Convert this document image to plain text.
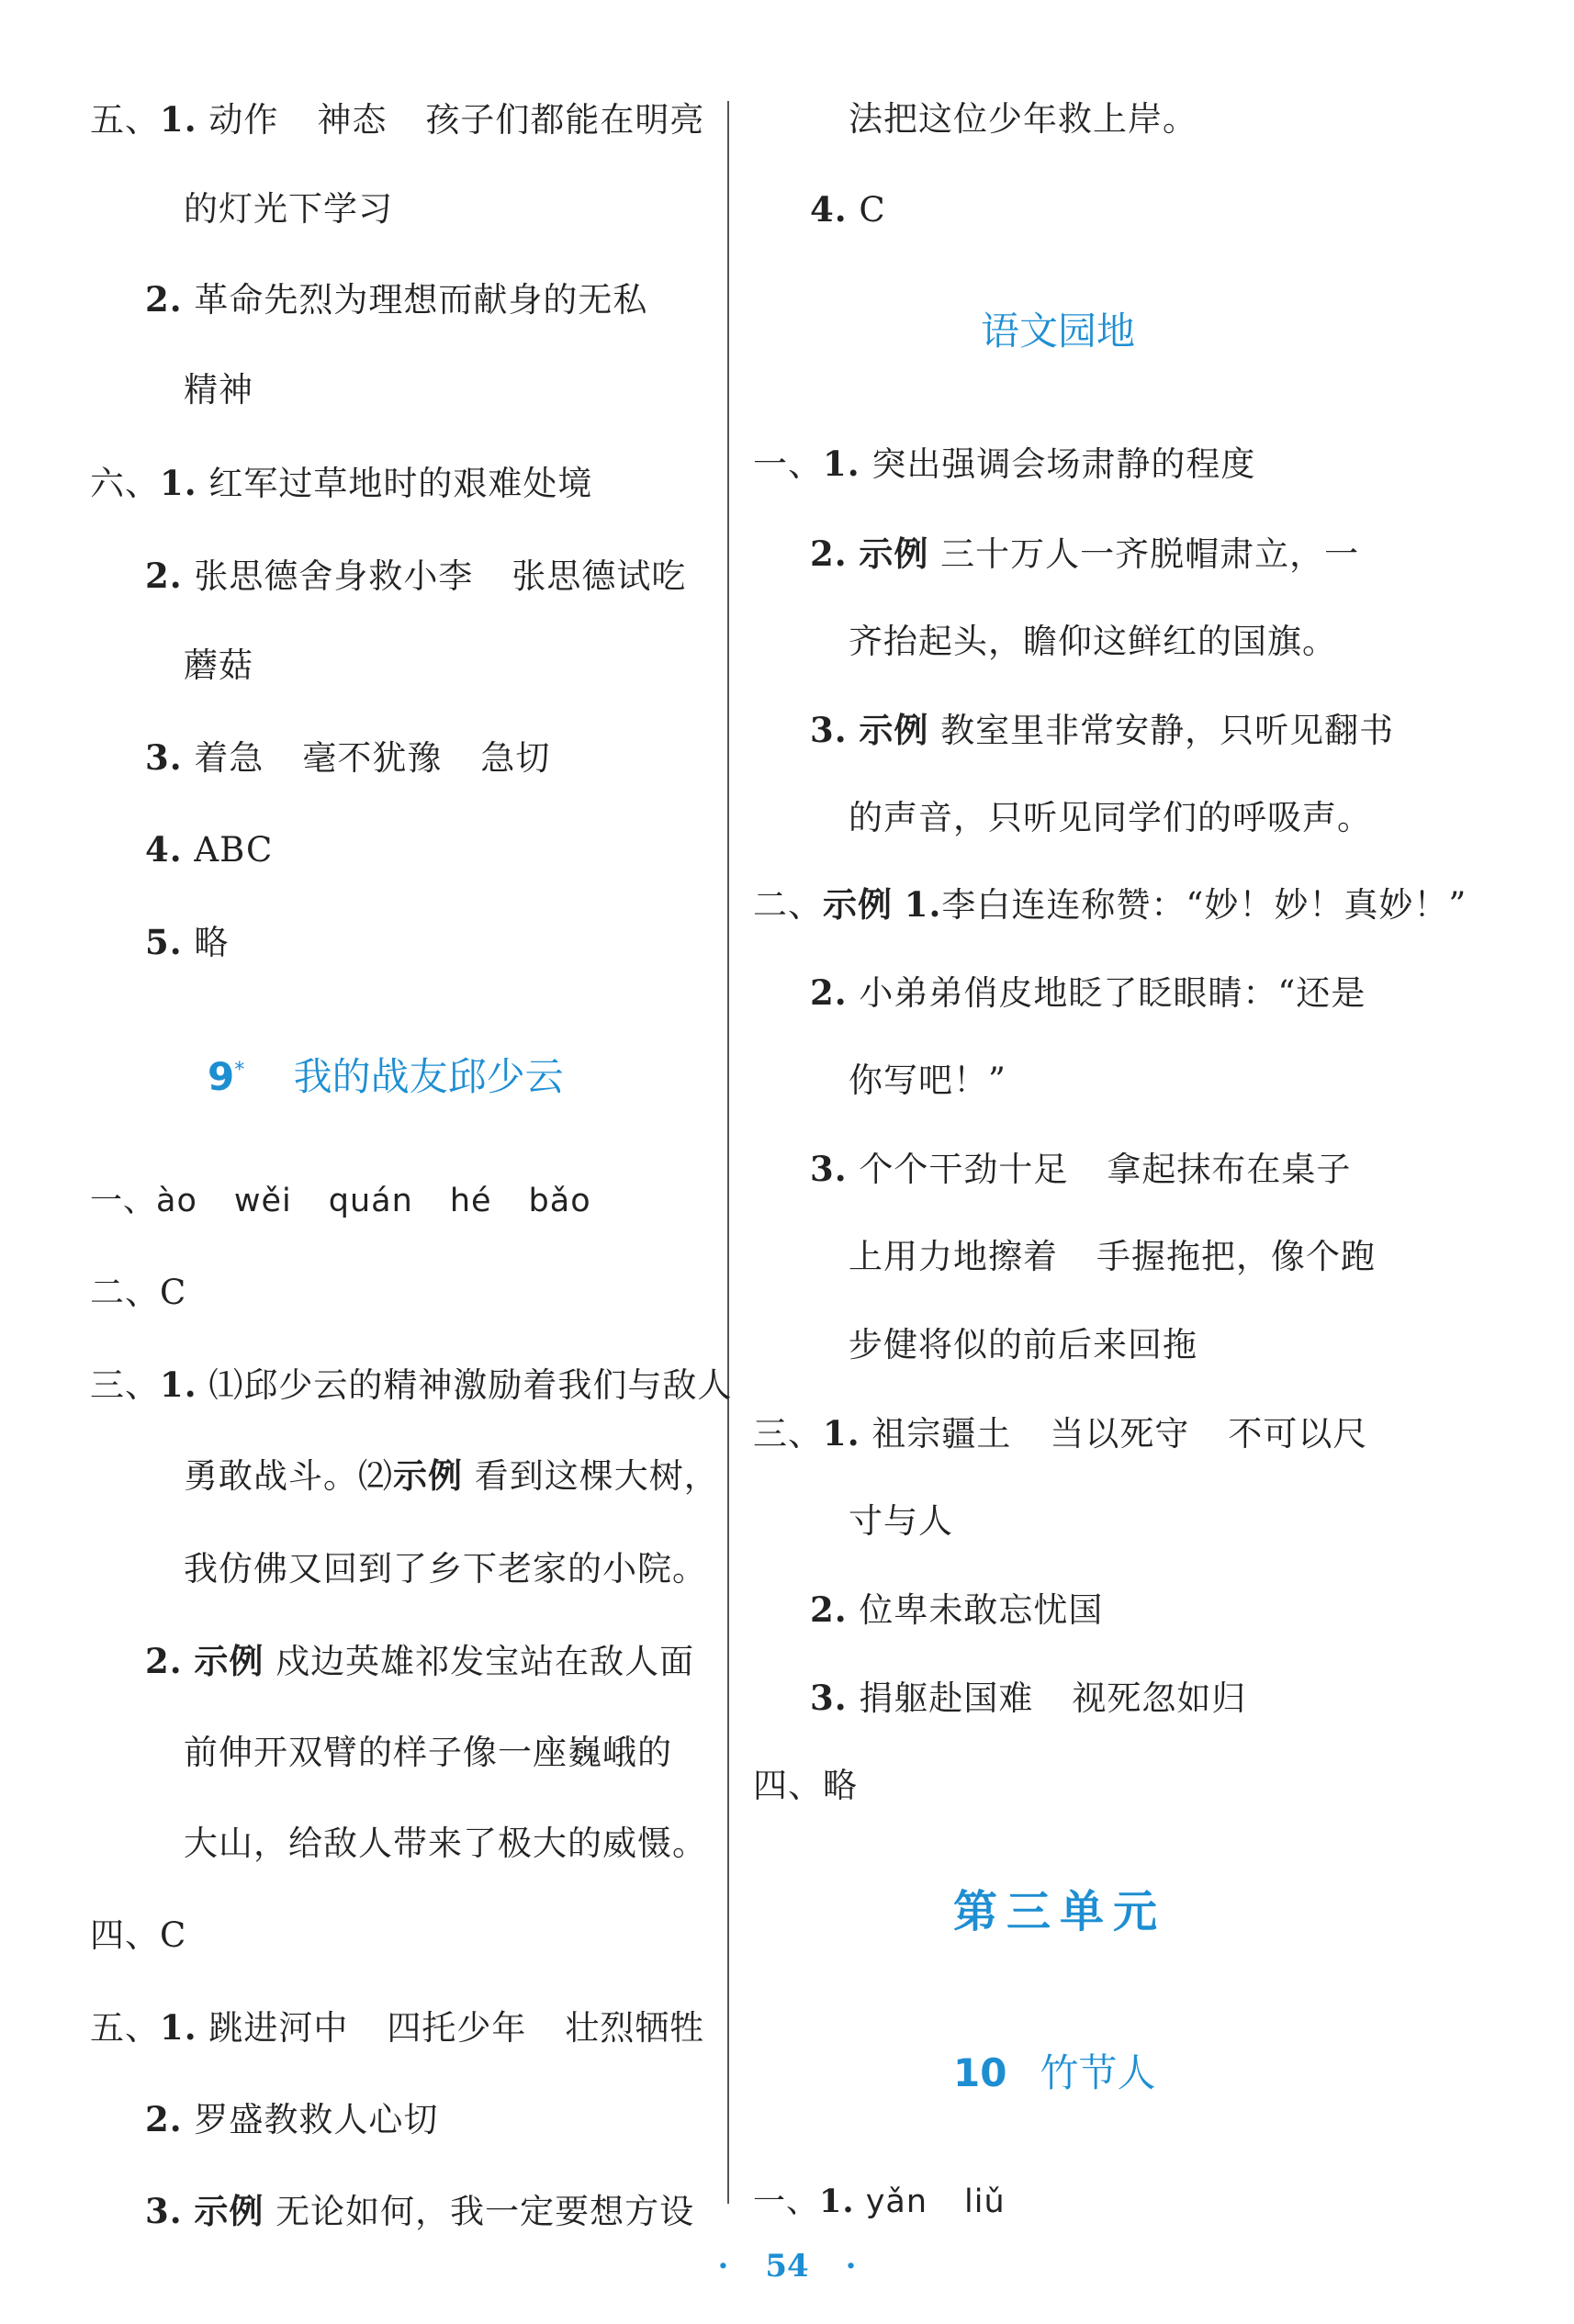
五、1. 动作 神态 孩子们都能在明亮
的灯光下学习
2. 革命先烈为理想而献身的无私
精神
六、1. 红军过草地时的艰难处境
2. 张思德舍身救小李 张思德试吃
蘑菇
3. 着急 毫不犹豫 急切
4. ABC
5. 略
9* 我的战友邱少云
一、ào wěi quán hé bǎo
二、C
三、1. ⑴邱少云的精神激励着我们与敌人
勇敢战斗。⑵示例 看到这棵大树，
我仿佛又回到了乡下老家的小院。
2. 示例 戍边英雄祁发宝站在敌人面
前伸开双臂的样子像一座巍峨的
大山，给敌人带来了极大的威慑。
四、C
五、1. 跳进河中 四托少年 壮烈牺牲
2. 罗盛教救人心切
3. 示例 无论如何，我一定要想方设
法把这位少年救上岸。
4. C
语文园地
一、1. 突出强调会场肃静的程度
2. 示例 三十万人一齐脱帽肃立，一
齐抬起头，瞻仰这鲜红的国旗。
3. 示例 教室里非常安静，只听见翻书
的声音，只听见同学们的呼吸声。
二、示例 1.李白连连称赞：“妙！妙！真妙！”
2. 小弟弟俏皮地眨了眨眼睛：“还是
你写吧！”
3. 个个干劲十足 拿起抹布在桌子
上用力地擦着 手握拖把，像个跑
步健将似的前后来回拖
三、1. 祖宗疆土 当以死守 不可以尺
寸与人
2. 位卑未敢忘忧国
3. 捐躯赴国难 视死忽如归
四、略
第三单元
10 竹节人
一、1. yǎn liǔ
· 54 ·
